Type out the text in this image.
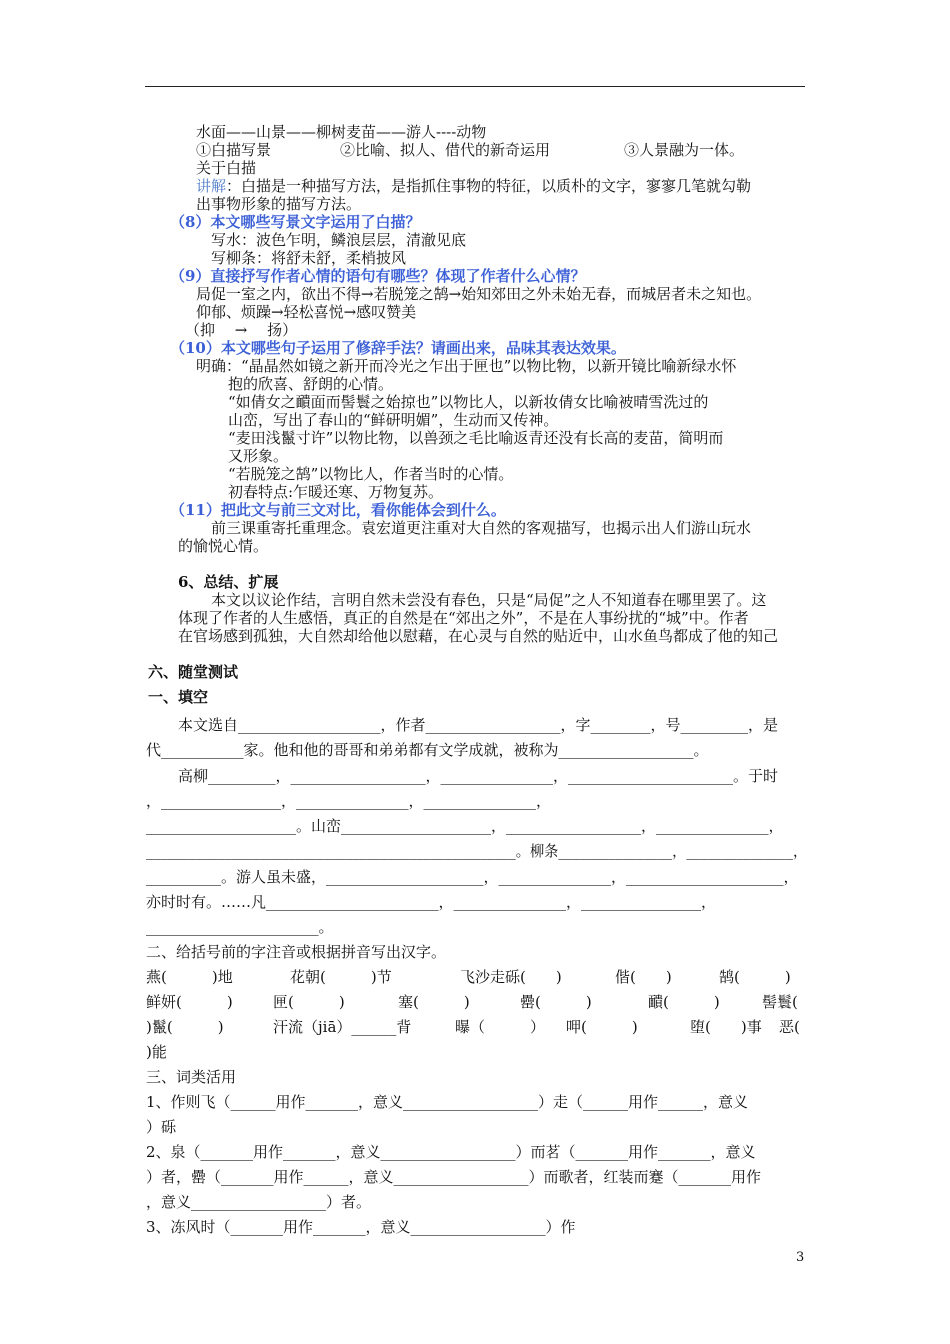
水面——山景——柳树麦苗——游人----动物
①白描写景	②比喻、拟人、借代的新奇运用	③人景融为一体。
关于白描
讲解：白描是一种描写方法，是指抓住事物的特征，以质朴的文字，寥寥几笔就勾勒
出事物形象的描写方法。
（8）本文哪些写景文字运用了白描？
写水：波色乍明，鳞浪层层，清澈见底
写柳条：将舒未舒，柔梢披风
（9）直接抒写作者心情的语句有哪些？体现了作者什么心情？
局促一室之内，欲出不得→若脱笼之鹄→始知郊田之外未始无春，而城居者未之知也。
仰郁、烦躁→轻松喜悦→感叹赞美
（抑 　→ 　扬）
（10）本文哪些句子运用了修辞手法？请画出来，品味其表达效果。
明确：“晶晶然如镜之新开而冷光之乍出于匣也”以物比物，以新开镜比喻新绿水怀
抱的欣喜、舒朗的心情。
“如倩女之靧面而髻鬟之始掠也”以物比人，以新妆倩女比喻被晴雪洗过的
山峦，写出了春山的“鲜研明媚”，生动而又传神。
“麦田浅鬣寸许”以物比物，以兽颈之毛比喻返青还没有长高的麦苗，简明而
又形象。
“若脱笼之鹄”以物比人，作者当时的心情。
初春特点:乍暖还寒、万物复苏。
（11）把此文与前三文对比，看你能体会到什么。
前三课重寄托重理念。袁宏道更注重对大自然的客观描写，也揭示出人们游山玩水
的愉悦心情。
6、总结、扩展
本文以议论作结，言明自然未尝没有春色，只是“局促”之人不知道春在哪里罢了。这
体现了作者的人生感悟，真正的自然是在“郊出之外”，不是在人事纷扰的“城”中。作者
在官场感到孤独，大自然却给他以慰藉，在心灵与自然的贴近中，山水鱼鸟都成了他的知己
六、随堂测试
一、填空
本文选自___________________，作者__________________，字________，号_________，是
代___________家。他和他的哥哥和弟弟都有文学成就，被称为__________________。
高柳_________，__________________，_______________，______________________。于时
，________________，_______________，_______________，
____________________。山峦____________________，__________________，_______________，
____________________________________________________。柳条________________，_______________，
__________。游人虽未盛，_____________________，_______________，_____________________，
亦时时有。……凡_______________________，_______________，________________，
_______________________。
二、给括号前的字注音或根据拼音写出汉字。
燕(　　　)地	花朝(　　　)节	飞沙走砾(　　)	偕(　　)	鹄(　　　)
鲜妍(　　　)	匣(　　　)	塞(　　　)	罍(　　　)	靧(　　　)	髻鬟(
)鬣(　　　)	汗流（jiā）______背	曝（　　　） 呷(　　　)	堕(　　)事 恶(
)能
三、词类活用
1、作则飞（______用作_______，意义__________________）走（______用作______，意义
）砾
2、泉（_______用作_______，意义__________________）而茗（_______用作_______，意义
）者，罍（_______用作______，意义__________________）而歌者，红装而蹇（_______用作
，意义__________________）者。
3、冻风时（_______用作_______，意义__________________）作
3
